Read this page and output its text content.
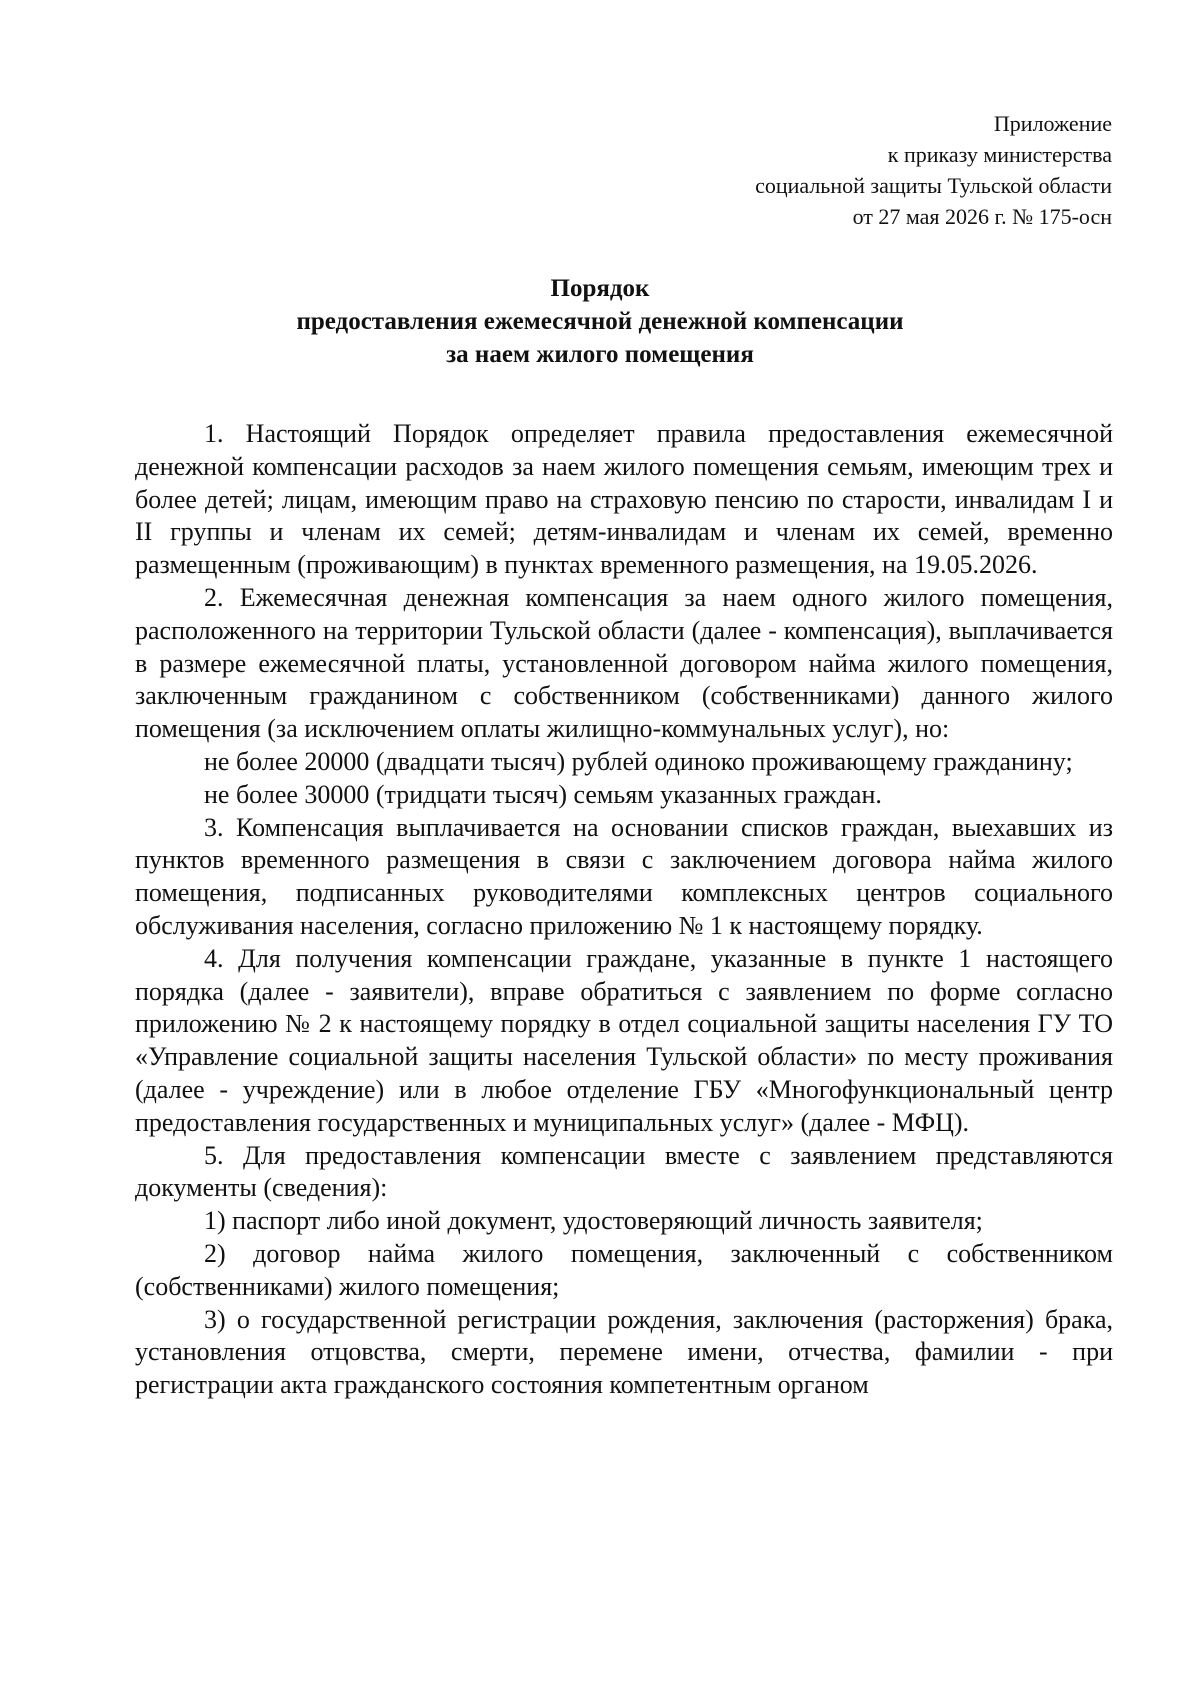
Приложение
к приказу министерства
социальной защиты Тульской области
от 27 мая 2026 г. № 175-осн
Порядок
предоставления ежемесячной денежной компенсации
за наем жилого помещения

1. Настоящий Порядок определяет правила предоставления ежемесячной денежной компенсации расходов за наем жилого помещения семьям, имеющим трех и более детей; лицам, имеющим право на страховую пенсию по старости, инвалидам I и II группы и членам их семей; детям-инвалидам и членам их семей, временно размещенным (проживающим) в пунктах временного размещения, на 19.05.2026.

2. Ежемесячная денежная компенсация за наем одного жилого помещения, расположенного на территории Тульской области (далее - компенсация), выплачивается в размере ежемесячной платы, установленной договором найма жилого помещения, заключенным гражданином с собственником (собственниками) данного жилого помещения (за исключением оплаты жилищно-коммунальных услуг), но:

не более 20000 (двадцати тысяч) рублей одиноко проживающему гражданину;

не более 30000 (тридцати тысяч) семьям указанных граждан.

3. Компенсация выплачивается на основании списков граждан, выехавших из пунктов временного размещения в связи с заключением договора найма жилого помещения, подписанных руководителями комплексных центров социального обслуживания населения, согласно приложению № 1 к настоящему порядку.

4. Для получения компенсации граждане, указанные в пункте 1 настоящего порядка (далее - заявители), вправе обратиться с заявлением по форме согласно приложению № 2 к настоящему порядку в отдел социальной защиты населения ГУ ТО «Управление социальной защиты населения Тульской области» по месту проживания (далее - учреждение) или в любое отделение ГБУ «Многофункциональный центр предоставления государственных и муниципальных услуг» (далее - МФЦ).

5. Для предоставления компенсации вместе с заявлением представляются документы (сведения):

1) паспорт либо иной документ, удостоверяющий личность заявителя;

2) договор найма жилого помещения, заключенный с собственником (собственниками) жилого помещения;

3) о государственной регистрации рождения, заключения (расторжения) брака, установления отцовства, смерти, перемене имени, отчества, фамилии - при регистрации акта гражданского состояния компетентным органом
